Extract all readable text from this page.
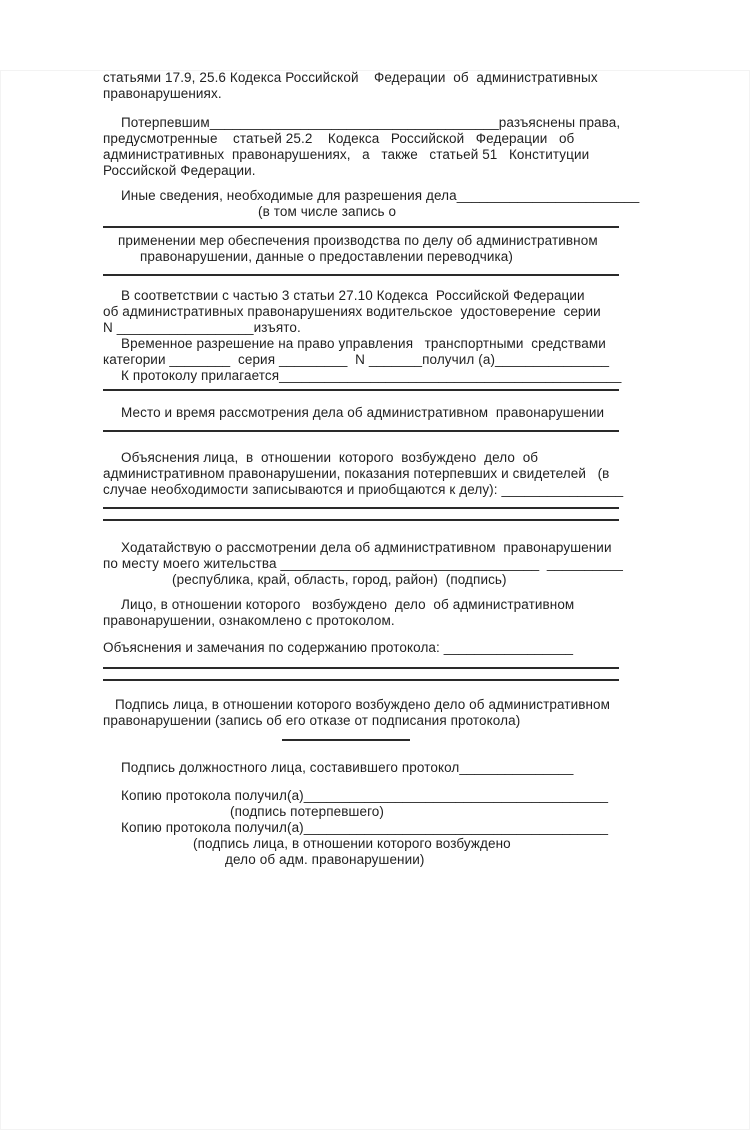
статьями 17.9, 25.6 Кодекса Российской    Федерации  об  административных
правонарушениях.
Потерпевшим______________________________________разъяснены права,
предусмотренные    статьей 25.2    Кодекса   Российской   Федерации   об
административных  правонарушениях,   а   также   статьей 51   Конституции
Российской Федерации.
Иные сведения, необходимые для разрешения дела________________________
(в том числе запись о
применении мер обеспечения производства по делу об административном
правонарушении, данные о предоставлении переводчика)
В соответствии с частью 3 статьи 27.10 Кодекса  Российской Федерации
об административных правонарушениях водительское  удостоверение  серии
N __________________изъято.
Временное разрешение на право управления   транспортными  средствами
категории ________  серия _________  N _______получил (а)_______________
К протоколу прилагается_____________________________________________
Место и время рассмотрения дела об административном  правонарушении
Объяснения лица,  в  отношении  которого  возбуждено  дело  об
административном правонарушении, показания потерпевших и свидетелей   (в
случае необходимости записываются и приобщаются к делу): ________________
Ходатайствую о рассмотрении дела об административном  правонарушении
по месту моего жительства __________________________________  __________
(республика, край, область, город, район)  (подпись)
Лицо, в отношении которого   возбуждено  дело  об административном
правонарушении, ознакомлено с протоколом.
Объяснения и замечания по содержанию протокола: _________________
Подпись лица, в отношении которого возбуждено дело об административном
правонарушении (запись об его отказе от подписания протокола)
Подпись должностного лица, составившего протокол_______________
Копию протокола получил(а)________________________________________
(подпись потерпевшего)
Копию протокола получил(а)________________________________________
(подпись лица, в отношении которого возбуждено
дело об адм. правонарушении)
